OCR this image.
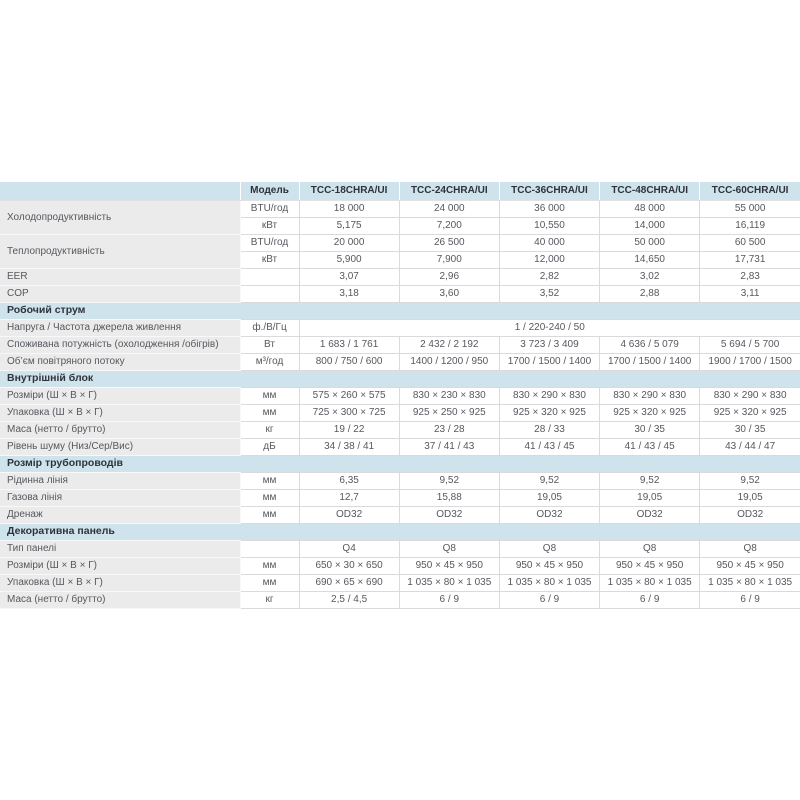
	Модель	TCC-18CHRA/UI	TCC-24CHRA/UI	TCC-36CHRA/UI	TCC-48CHRA/UI	TCC-60CHRA/UI
Холодопродуктивність	BTU/год	18 000	24 000	36 000	48 000	55 000
	кВт	5,175	7,200	10,550	14,000	16,119
Теплопродуктивність	BTU/год	20 000	26 500	40 000	50 000	60 500
	кВт	5,900	7,900	12,000	14,650	17,731
EER		3,07	2,96	2,82	3,02	2,83
COP		3,18	3,60	3,52	2,88	3,11
Робочий струм						
Напруга / Частота джерела живлення	ф./В/Гц	1 / 220-240 / 50				
Споживана потужність (охолодження /обігрів)	Вт	1 683 / 1 761	2 432 / 2 192	3 723 / 3 409	4 636 / 5 079	5 694 / 5 700
Об’єм повітряного потоку	м³/год	800 / 750 / 600	1400 / 1200 / 950	1700 / 1500 / 1400	1700 / 1500 / 1400	1900 / 1700 / 1500
Внутрішній блок						
Розміри (Ш × В × Г)	мм	575 × 260 × 575	830 × 230 × 830	830 × 290 × 830	830 × 290 × 830	830 × 290 × 830
Упаковка (Ш × В × Г)	мм	725 × 300 × 725	925 × 250 × 925	925 × 320 × 925	925 × 320 × 925	925 × 320 × 925
Маса (нетто / брутто)	кг	19 / 22	23 / 28	28 / 33	30 / 35	30 / 35
Рівень шуму (Низ/Сер/Вис)	дБ	34 / 38 / 41	37 / 41 / 43	41 / 43 / 45	41 / 43 / 45	43 / 44 / 47
Розмір трубопроводів						
Рідинна лінія	мм	6,35	9,52	9,52	9,52	9,52
Газова лінія	мм	12,7	15,88	19,05	19,05	19,05
Дренаж	мм	OD32	OD32	OD32	OD32	OD32
Декоративна панель						
Тип панелі		Q4	Q8	Q8	Q8	Q8
Розміри (Ш × В × Г)	мм	650 × 30 × 650	950 × 45 × 950	950 × 45 × 950	950 × 45 × 950	950 × 45 × 950
Упаковка (Ш × В × Г)	мм	690 × 65 × 690	1 035 × 80 × 1 035	1 035 × 80 × 1 035	1 035 × 80 × 1 035	1 035 × 80 × 1 035
Маса (нетто / брутто)	кг	2,5 / 4,5	6 / 9	6 / 9	6 / 9	6 / 9
